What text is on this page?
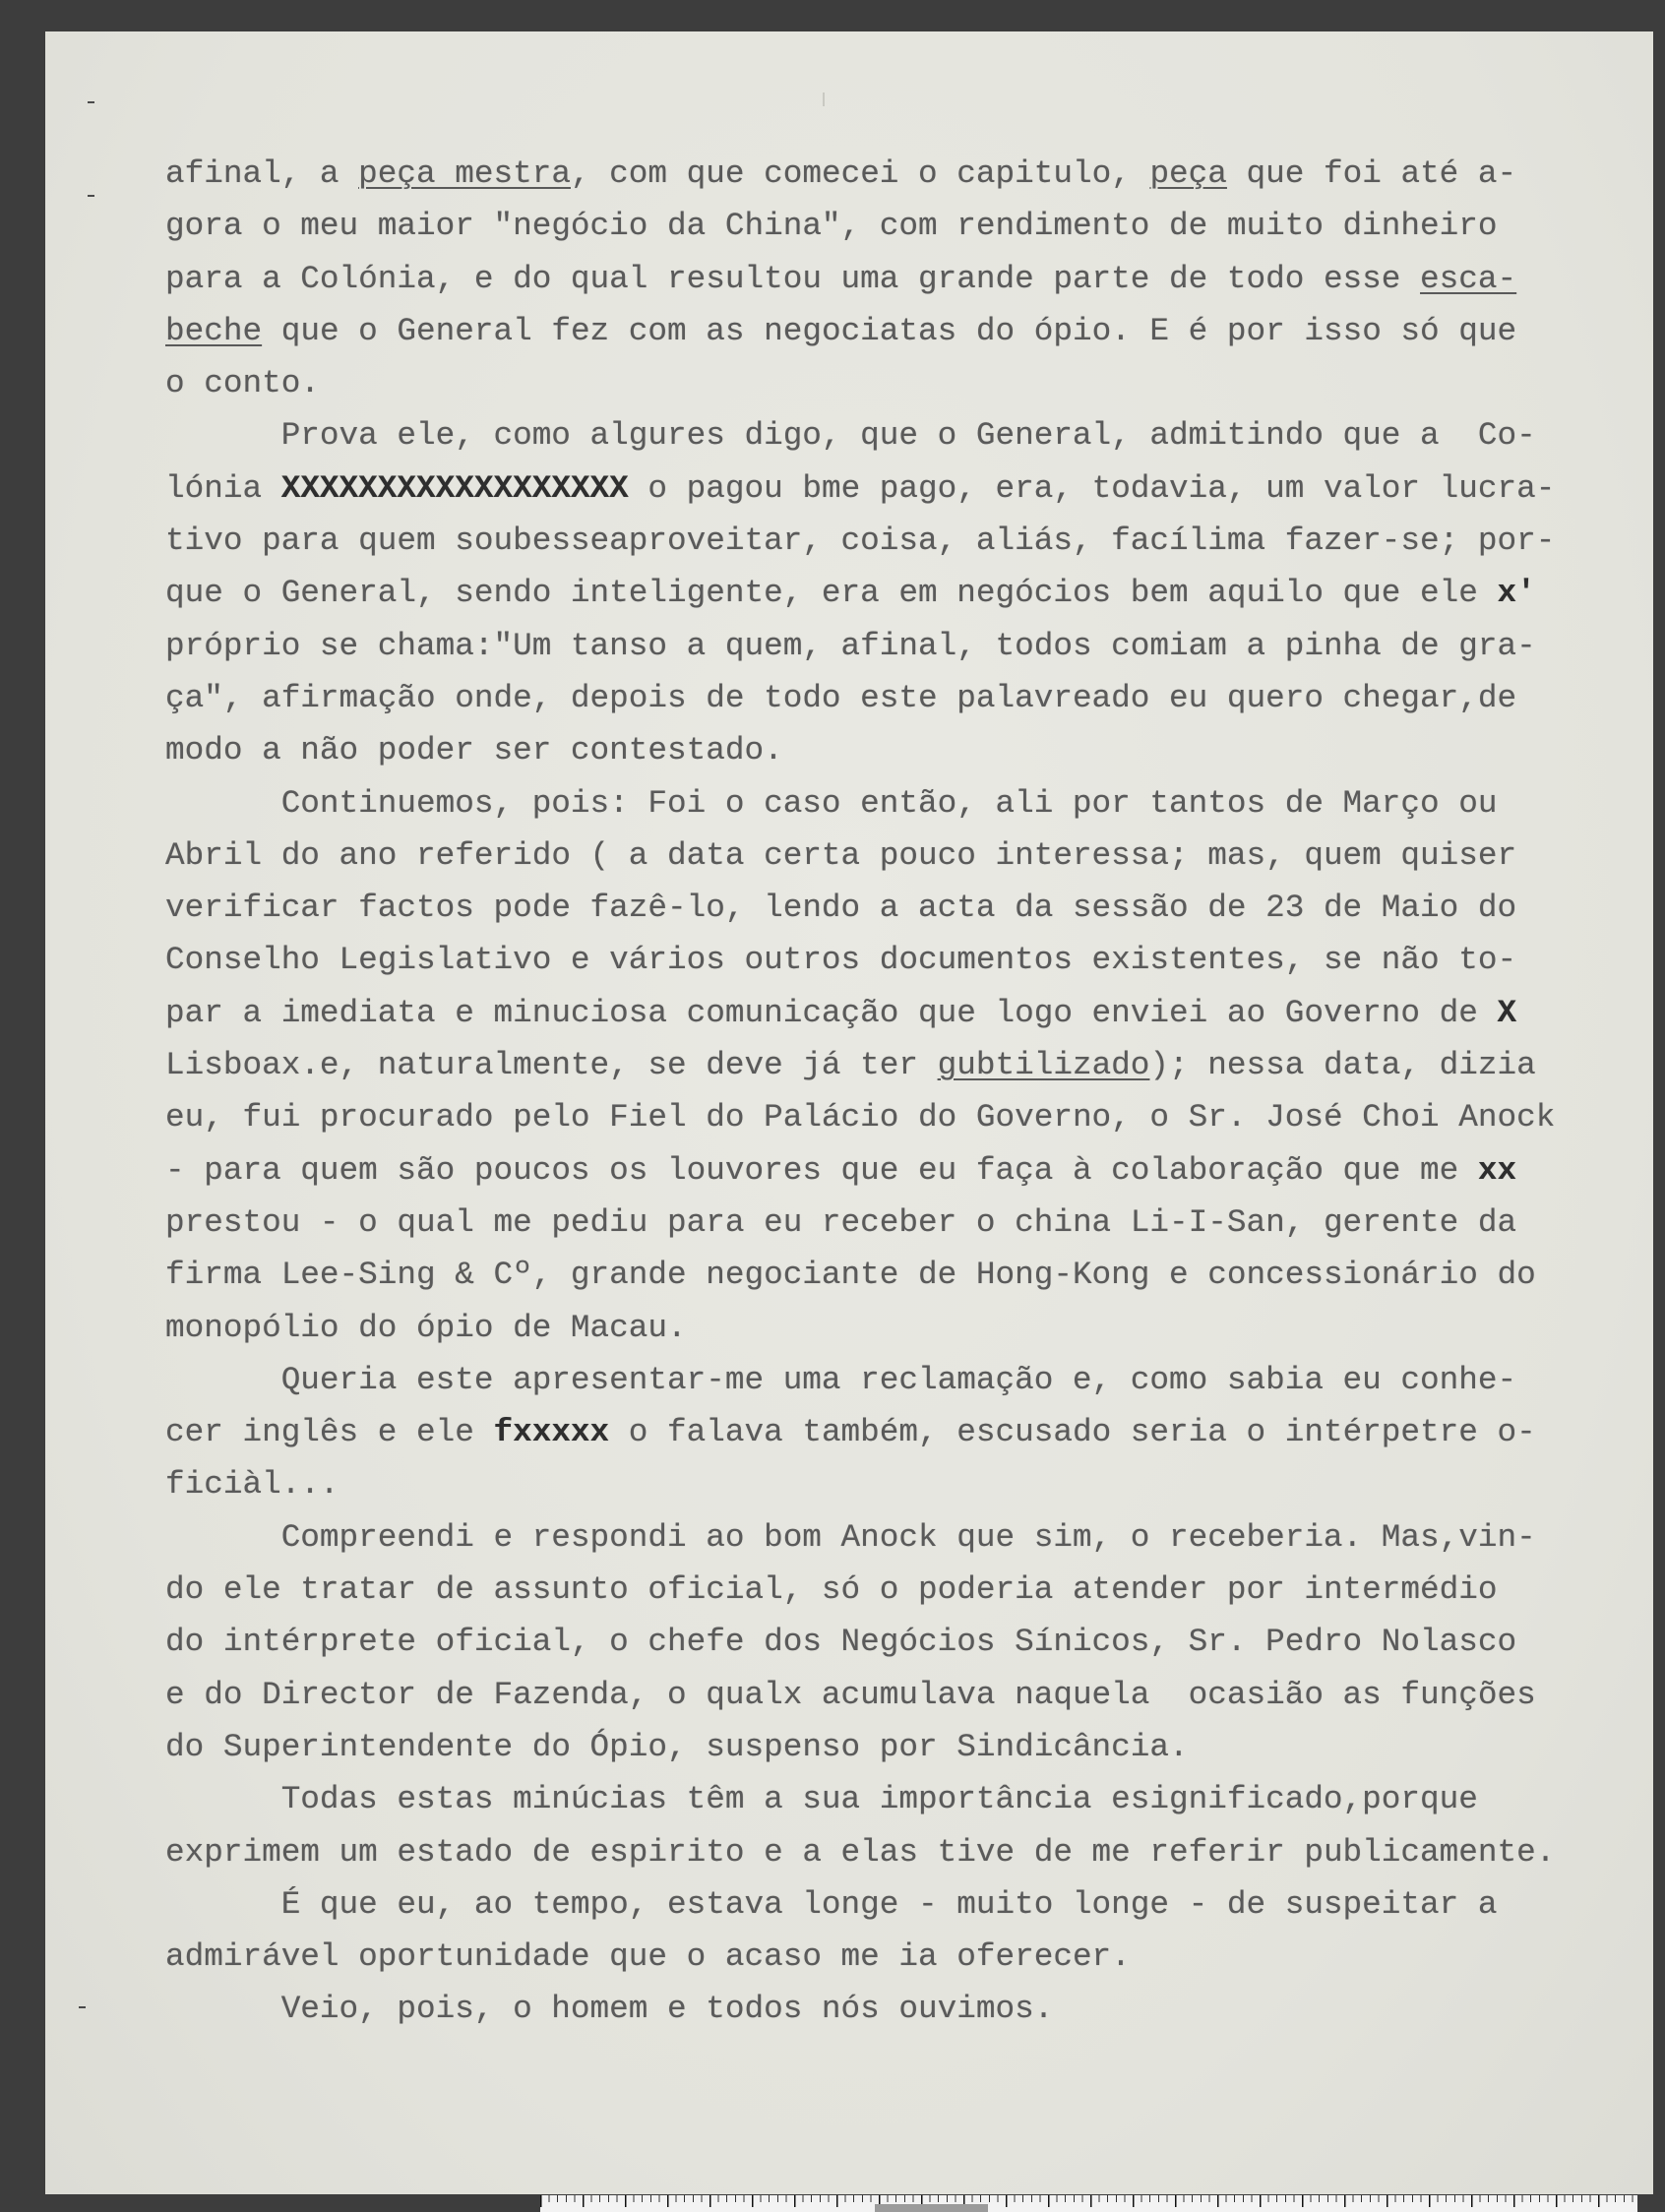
afinal, a peça mestra, com que comecei o capitulo, peça que foi até a-
gora o meu maior "negócio da China", com rendimento de muito dinheiro
para a Colónia, e do qual resultou uma grande parte de todo esse esca-
beche que o General fez com as negociatas do ópio. E é por isso só que
o conto.
Prova ele, como algures digo, que o General, admitindo que a  Co-
lónia XXXXXXXXXXXXXXXXXX o pagou bme pago, era, todavia, um valor lucra-
tivo para quem soubesseaproveitar, coisa, aliás, facílima fazer-se; por-
que o General, sendo inteligente, era em negócios bem aquilo que ele x'
próprio se chama:"Um tanso a quem, afinal, todos comiam a pinha de gra-
ça", afirmação onde, depois de todo este palavreado eu quero chegar,de
modo a não poder ser contestado.
Continuemos, pois: Foi o caso então, ali por tantos de Março ou
Abril do ano referido ( a data certa pouco interessa; mas, quem quiser
verificar factos pode fazê-lo, lendo a acta da sessão de 23 de Maio do
Conselho Legislativo e vários outros documentos existentes, se não to-
par a imediata e minuciosa comunicação que logo enviei ao Governo de X
Lisboax.e, naturalmente, se deve já ter gubtilizado); nessa data, dizia
eu, fui procurado pelo Fiel do Palácio do Governo, o Sr. José Choi Anock
- para quem são poucos os louvores que eu faça à colaboração que me xx
prestou - o qual me pediu para eu receber o china Li-I-San, gerente da
firma Lee-Sing & Cº, grande negociante de Hong-Kong e concessionário do
monopólio do ópio de Macau.
Queria este apresentar-me uma reclamação e, como sabia eu conhe-
cer inglês e ele fxxxxx o falava também, escusado seria o intérpetre o-
ficiàl...
Compreendi e respondi ao bom Anock que sim, o receberia. Mas,vin-
do ele tratar de assunto oficial, só o poderia atender por intermédio
do intérprete oficial, o chefe dos Negócios Sínicos, Sr. Pedro Nolasco
e do Director de Fazenda, o qualx acumulava naquela  ocasião as funções
do Superintendente do Ópio, suspenso por Sindicância.
Todas estas minúcias têm a sua importância esignificado,porque
exprimem um estado de espirito e a elas tive de me referir publicamente.
É que eu, ao tempo, estava longe - muito longe - de suspeitar a
admirável oportunidade que o acaso me ia oferecer.
Veio, pois, o homem e todos nós ouvimos.
